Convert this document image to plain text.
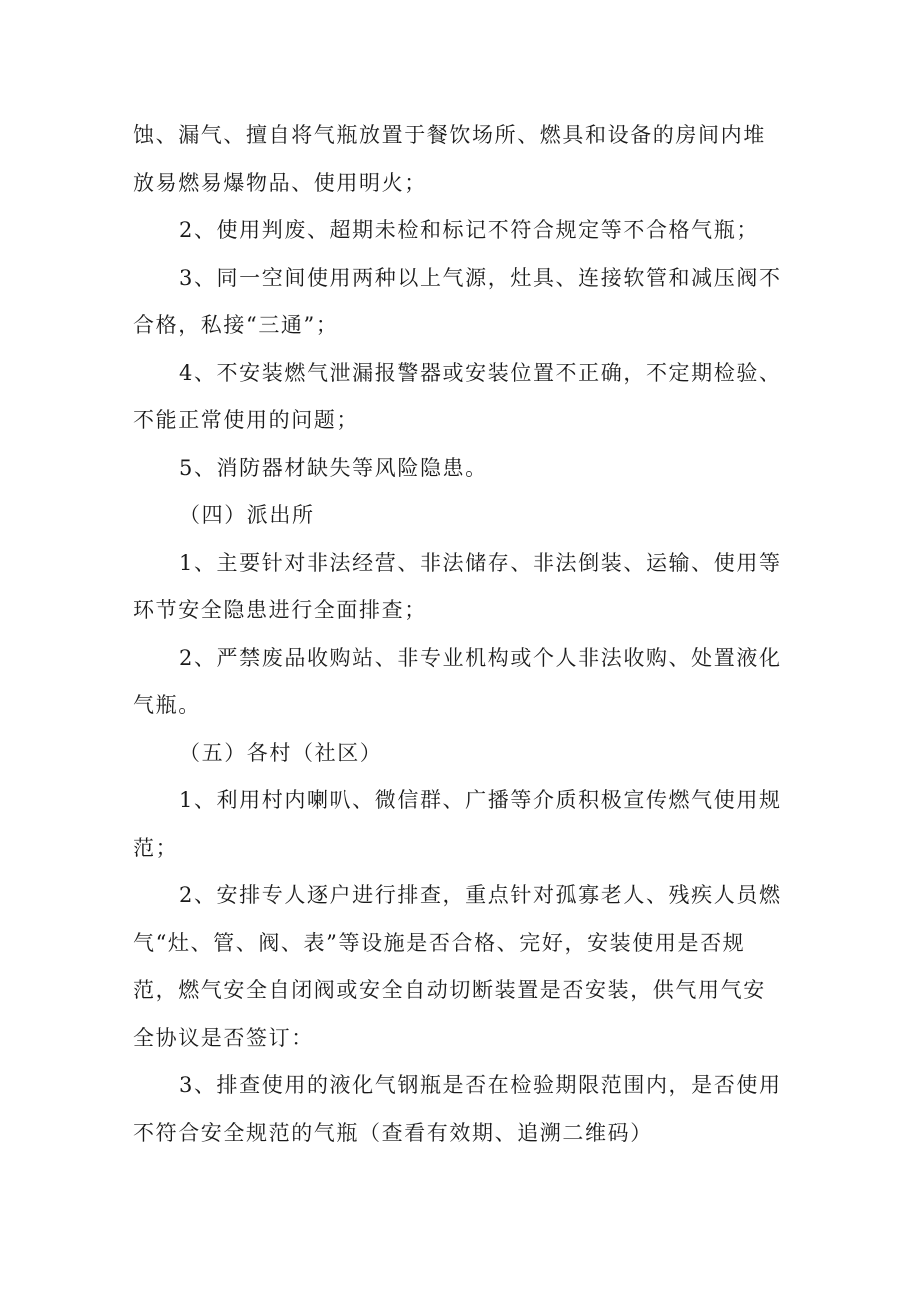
蚀、漏气、擅自将气瓶放置于餐饮场所、燃具和设备的房间内堆
放易燃易爆物品、使用明火；

2、使用判废、超期未检和标记不符合规定等不合格气瓶；

3、同一空间使用两种以上气源，灶具、连接软管和减压阀不
合格，私接“三通”；

4、不安装燃气泄漏报警器或安装位置不正确，不定期检验、
不能正常使用的问题；

5、消防器材缺失等风险隐患。

（四）派出所

1、主要针对非法经营、非法储存、非法倒装、运输、使用等
环节安全隐患进行全面排查；

2、严禁废品收购站、非专业机构或个人非法收购、处置液化
气瓶。

（五）各村（社区）

1、利用村内喇叭、微信群、广播等介质积极宣传燃气使用规
范；

2、安排专人逐户进行排查，重点针对孤寡老人、残疾人员燃
气“灶、管、阀、表”等设施是否合格、完好，安装使用是否规
范，燃气安全自闭阀或安全自动切断装置是否安装，供气用气安
全协议是否签订：

3、排查使用的液化气钢瓶是否在检验期限范围内，是否使用
不符合安全规范的气瓶（查看有效期、追溯二维码）
